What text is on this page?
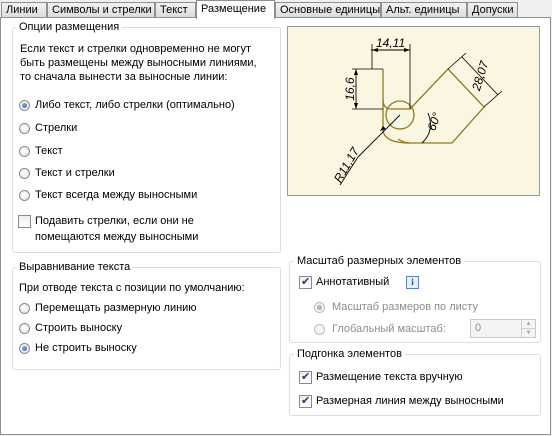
Линии	Символы и стрелки Текст	Размещение	Основные единицы Альт. единицы	Допуски
Опции размещения
Если текст и стрелки одновременно не могут
быть размещены между выносными линиями,
то сначала вынести за выносные линии:
Либо текст, либо стрелки (оптимально)
Стрелки
Текст
Текст и стрелки
Текст всегда между выносными
Подавить стрелки, если они не
помещаются между выносными
Выравнивание текста
При отводе текста с позиции по умолчанию:
Перемещать размерную линию
Строить выноску
Не строить выноску
14,11
16,6	28,07
60°
R11,17
Масштаб размерных элементов
✔
Аннотативный	i
Масштаб размеров по листу
Глобальный масштаб:	0	▲
▼
Подгонка элементов
✔
Размещение текста вручную
✔
Размерная линия между выносными
